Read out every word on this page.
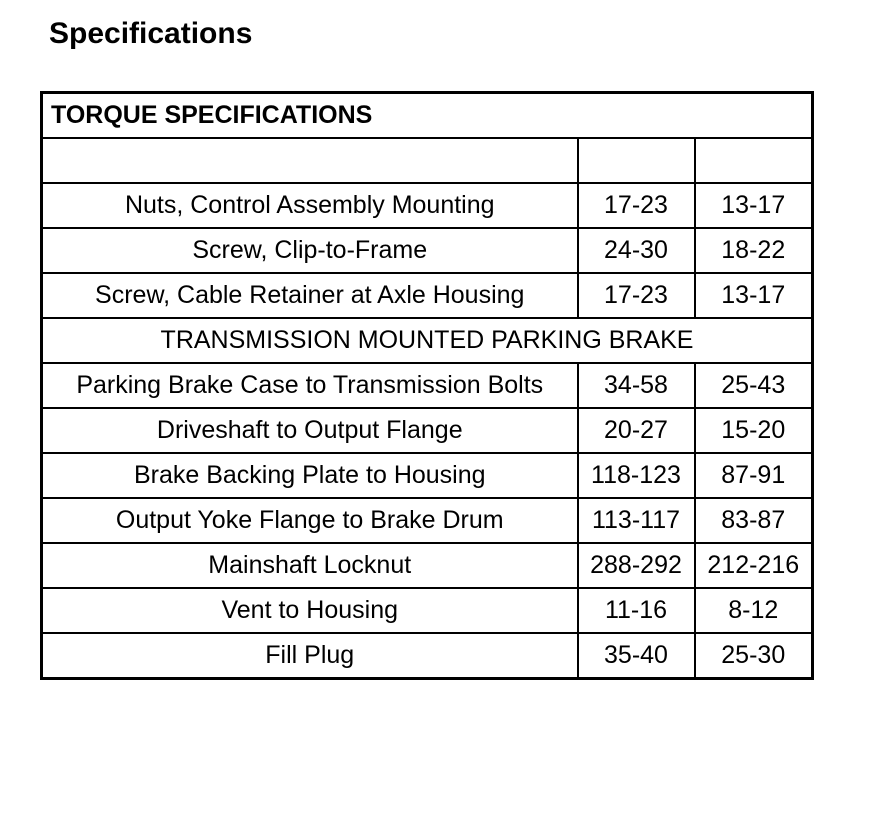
Specifications
TORQUE SPECIFICATIONS		

Nuts, Control Assembly Mounting	17-23	13-17
Screw, Clip-to-Frame	24-30	18-22
Screw, Cable Retainer at Axle Housing	17-23	13-17
TRANSMISSION MOUNTED PARKING BRAKE		
Parking Brake Case to Transmission Bolts	34-58	25-43
Driveshaft to Output Flange	20-27	15-20
Brake Backing Plate to Housing	118-123	87-91
Output Yoke Flange to Brake Drum	113-117	83-87
Mainshaft Locknut	288-292	212-216
Vent to Housing	11-16	8-12
Fill Plug	35-40	25-30
